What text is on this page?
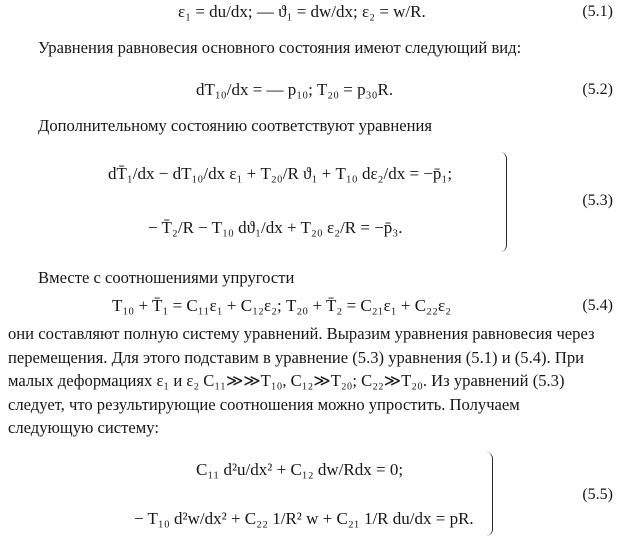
ε₁ = du/dx; — ϑ₁ = dw/dx; ε₂ = w/R.	(5.1)
Уравнения равновесия основного состояния имеют следующий вид:
dT₁₀/dx = — p₁₀; T₂₀ = p₃₀R.	(5.2)
Дополнительному состоянию соответствуют уравнения
dT̄₁/dx − dT₁₀/dx ε₁ + T₂₀/R ϑ₁ + T₁₀ dε₂/dx = −p̄₁;
− T̄₂/R − T₁₀ dϑ₁/dx + T₂₀ ε₂/R = −p̄₃.
(5.3)
Вместе с соотношениями упругости
T₁₀ + T̄₁ = C₁₁ε₁ + C₁₂ε₂; T₂₀ + T̄₂ = C₂₁ε₁ + C₂₂ε₂	(5.4)
они составляют полную систему уравнений. Выразим уравнения равновесия через перемещения. Для этого подставим в уравнение (5.3) уравнения (5.1) и (5.4). При малых деформациях ε₁ и ε₂ C₁₁≫≫T₁₀, C₁₂≫T₂₀; C₂₂≫T₂₀. Из уравнений (5.3) следует, что результирующие соотношения можно упростить. Получаем следующую систему:
C₁₁ d²u/dx² + C₁₂ dw/Rdx = 0;
− T₁₀ d²w/dx² + C₂₂ 1/R² w + C₂₁ 1/R du/dx = pR.
(5.5)
